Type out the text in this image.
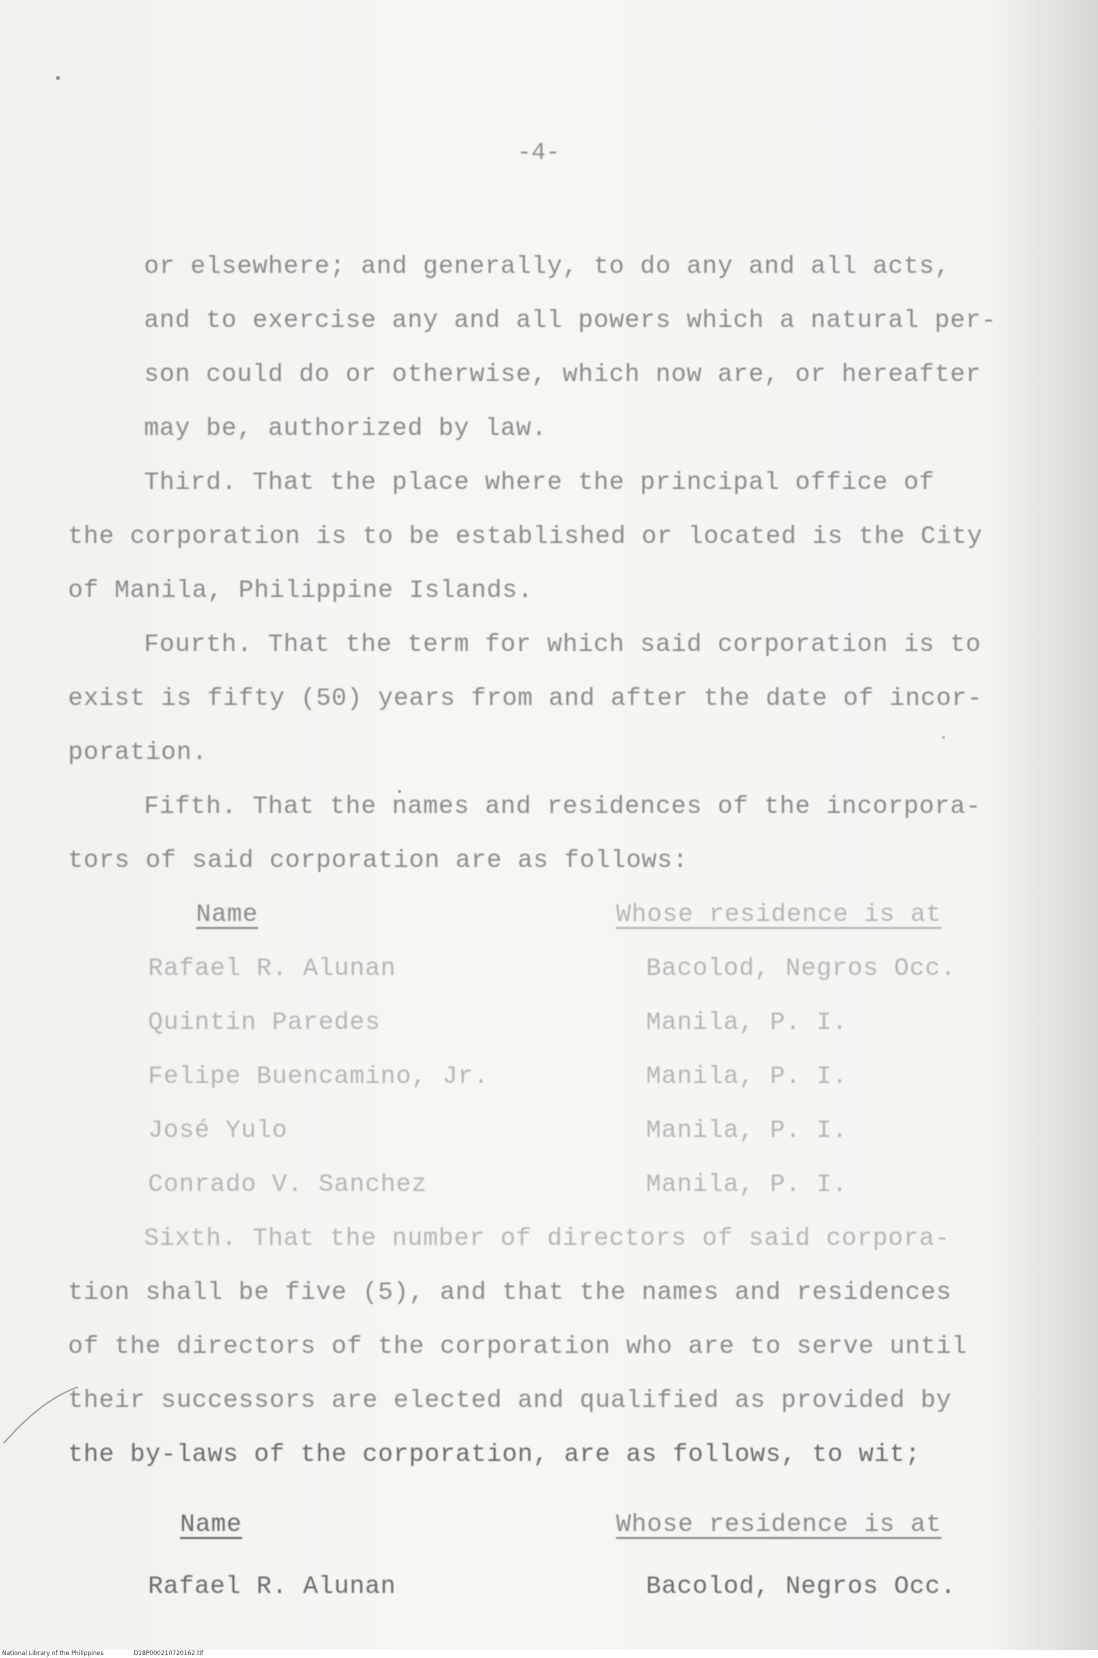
-4-
or elsewhere; and generally, to do any and all acts,
and to exercise any and all powers which a natural per-
son could do or otherwise, which now are, or hereafter
may be, authorized by law.
Third. That the place where the principal office of
the corporation is to be established or located is the City
of Manila, Philippine Islands.
Fourth. That the term for which said corporation is to
exist is fifty (50) years from and after the date of incor-
poration.
Fifth. That the names and residences of the incorpora-
tors of said corporation are as follows:
Name	Whose residence is at
Rafael R. Alunan	Bacolod, Negros Occ.
Quintin Paredes	Manila, P. I.
Felipe Buencamino, Jr.	Manila, P. I.
José Yulo	Manila, P. I.
Conrado V. Sanchez	Manila, P. I.
Sixth. That the number of directors of said corpora-
tion shall be five (5), and that the names and residences
of the directors of the corporation who are to serve until
their successors are elected and qualified as provided by
the by-laws of the corporation, are as follows, to wit;
Name	Whose residence is at
Rafael R. Alunan	Bacolod, Negros Occ.
National Library of the Philippines	D18P000210720162.tif
